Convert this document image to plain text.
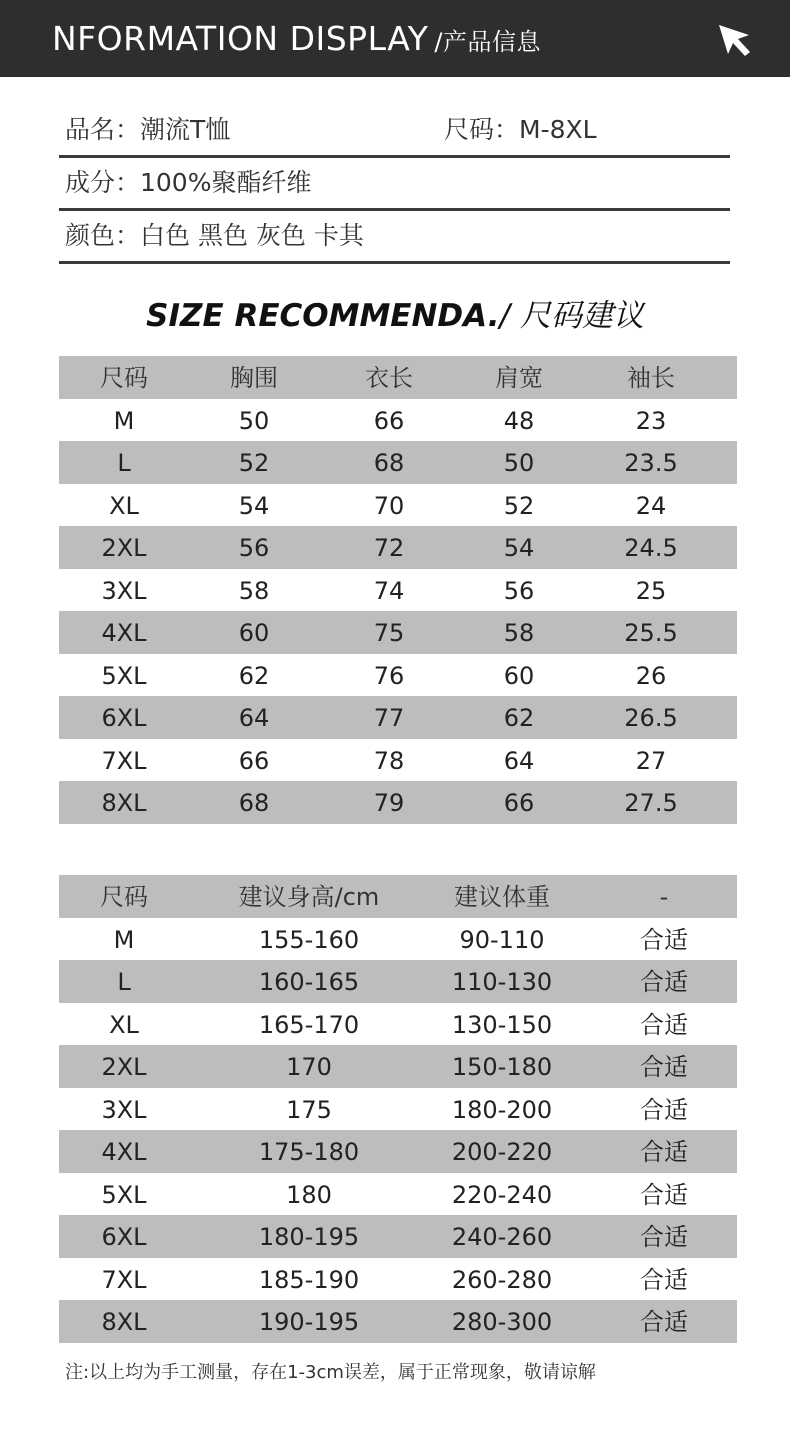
NFORMATION DISPLAY /产品信息
品名：潮流T恤	尺码：M-8XL
成分：100%聚酯纤维
颜色：白色 黑色 灰色 卡其
SIZE RECOMMENDA./ 尺码建议
尺码	胸围	衣长	肩宽	袖长
M	50	66	48	23
L	52	68	50	23.5
XL	54	70	52	24
2XL	56	72	54	24.5
3XL	58	74	56	25
4XL	60	75	58	25.5
5XL	62	76	60	26
6XL	64	77	62	26.5
7XL	66	78	64	27
8XL	68	79	66	27.5
尺码	建议身高/cm	建议体重	-
M	155-160	90-110	合适
L	160-165	110-130	合适
XL	165-170	130-150	合适
2XL	170	150-180	合适
3XL	175	180-200	合适
4XL	175-180	200-220	合适
5XL	180	220-240	合适
6XL	180-195	240-260	合适
7XL	185-190	260-280	合适
8XL	190-195	280-300	合适
注:以上均为手工测量，存在1-3cm误差，属于正常现象，敬请谅解
